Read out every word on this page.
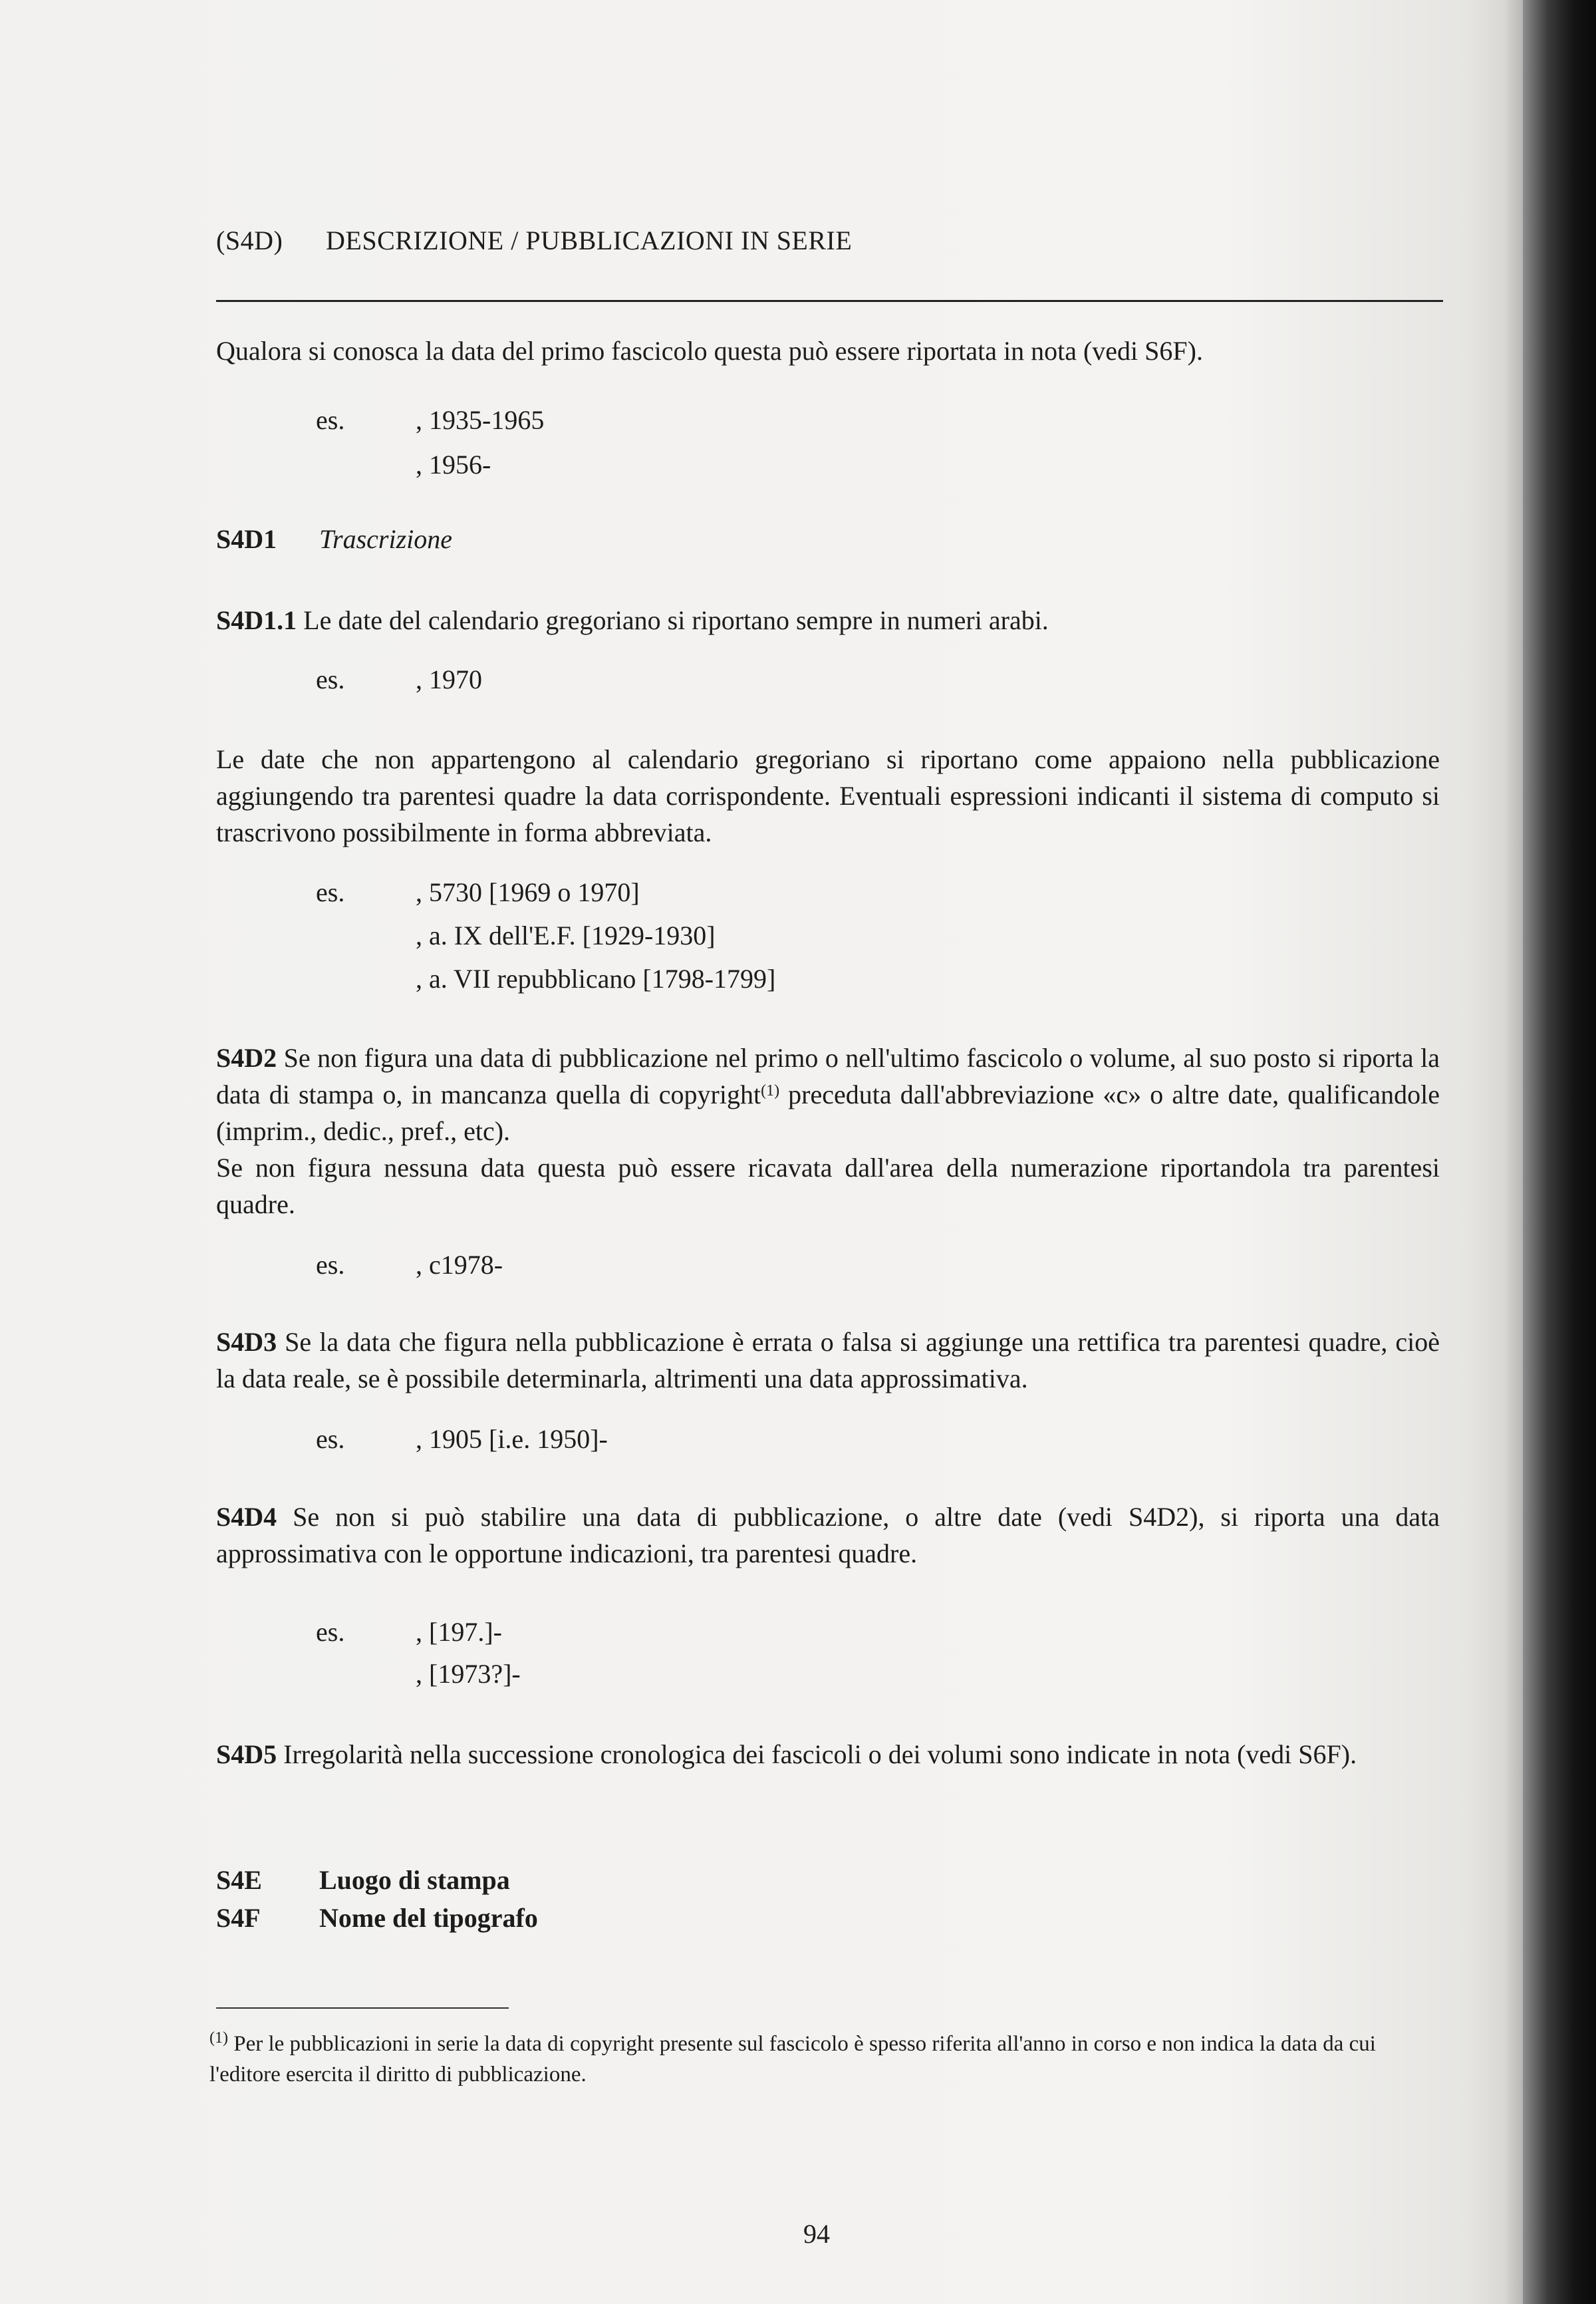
(S4D) DESCRIZIONE / PUBBLICAZIONI IN SERIE
Qualora si conosca la data del primo fascicolo questa può essere riportata in nota (vedi S6F).
es.	, 1935-1965
, 1956-
S4D1 Trascrizione
S4D1.1 Le date del calendario gregoriano si riportano sempre in numeri arabi.
es.	, 1970
Le date che non appartengono al calendario gregoriano si riportano come appaiono nella pubblicazione aggiungendo tra parentesi quadre la data corrispondente. Eventuali espressioni indicanti il sistema di computo si trascrivono possibilmente in forma abbreviata.
es.	, 5730 [1969 o 1970]
, a. IX dell'E.F. [1929-1930]
, a. VII repubblicano [1798-1799]
S4D2 Se non figura una data di pubblicazione nel primo o nell'ultimo fascicolo o volume, al suo posto si riporta la data di stampa o, in mancanza quella di copyright$^{(1)}$ preceduta dall'abbreviazione «c» o altre date, qualificandole (imprim., dedic., pref., etc).
Se non figura nessuna data questa può essere ricavata dall'area della numerazione riportandola tra parentesi quadre.
es.	, c1978-
S4D3 Se la data che figura nella pubblicazione è errata o falsa si aggiunge una rettifica tra parentesi quadre, cioè la data reale, se è possibile determinarla, altrimenti una data approssimativa.
es.	, 1905 [i.e. 1950]-
S4D4 Se non si può stabilire una data di pubblicazione, o altre date (vedi S4D2), si riporta una data approssimativa con le opportune indicazioni, tra parentesi quadre.
es.	, [197.]-
, [1973?]-
S4D5 Irregolarità nella successione cronologica dei fascicoli o dei volumi sono indicate in nota (vedi S6F).
S4E Luogo di stampa
S4F Nome del tipografo
$^{(1)}$ Per le pubblicazioni in serie la data di copyright presente sul fascicolo è spesso riferita all'anno in corso e non indica la data da cui l'editore esercita il diritto di pubblicazione.
94
